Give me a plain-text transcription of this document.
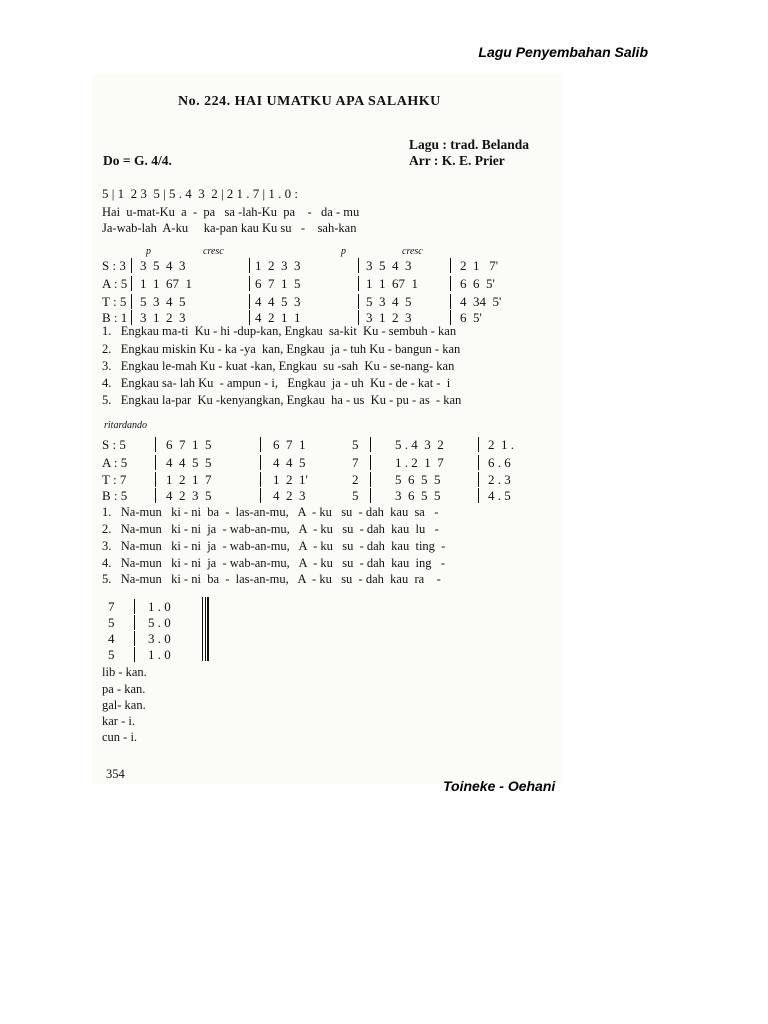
Lagu Penyembahan Salib
No. 224. HAI UMATKU APA SALAHKU
Lagu : trad. Belanda
Do = G. 4/4.	Arr : K. E. Prier

5 | 1  2 3  5 | 5 . 4  3  2 | 2 1 . 7 | 1 . 0 :

Hai  u-mat-Ku  a  -  pa   sa -lah-Ku  pa    -   da - mu
Ja-wab-lah  A-ku     ka-pan kau Ku su   -    sah-kan
p	cresc	p	cresc
S : 3 3  5  4  3	1  2  3  3	3  5  4  3	2  1   7'
A : 5 1  1  67  1	6  7  1  5	1  1  67  1	6  6  5'
T : 5 5  3  4  5	4  4  5  3	5  3  4  5	4  34  5'
B : 1 3  1  2  3	4  2  1  1	3  1  2  3	6  5'
1.   Engkau ma-ti  Ku - hi -dup-kan, Engkau  sa-kit  Ku - sembuh - kan
2.   Engkau miskin Ku - ka -ya  kan, Engkau  ja - tuh Ku - bangun - kan
3.   Engkau le-mah Ku - kuat -kan, Engkau  su -sah  Ku - se-nang- kan
4.   Engkau sa- lah Ku  - ampun - i,   Engkau  ja - uh  Ku - de - kat -  i
5.   Engkau la-par  Ku -kenyangkan, Engkau  ha - us  Ku - pu - as  - kan
ritardando
S : 5	6  7  1  5	6  7  1	5	5 . 4  3  2	2  1 .
A : 5	4  4  5  5	4  4  5	7	1 . 2  1  7	6 . 6
T : 7	1  2  1  7	1  2  1'	2	5  6  5  5	2 . 3
B : 5	4  2  3  5	4  2  3	5	3  6  5  5	4 . 5
1.   Na-mun   ki - ni  ba  -  las-an-mu,   A  - ku   su  - dah  kau  sa   -
2.   Na-mun   ki - ni  ja  - wab-an-mu,   A  - ku   su  - dah  kau  lu   -
3.   Na-mun   ki - ni  ja  - wab-an-mu,   A  - ku   su  - dah  kau  ting  -
4.   Na-mun   ki - ni  ja  - wab-an-mu,   A  - ku   su  - dah  kau  ing   -
5.   Na-mun   ki - ni  ba  -  las-an-mu,   A  - ku   su  - dah  kau  ra    -
7	1 . 0
5	5 . 0
4	3 . 0
5	1 . 0
lib - kan.
pa - kan.
gal- kan.
kar - i.
cun - i.
354
Toineke - Oehani
